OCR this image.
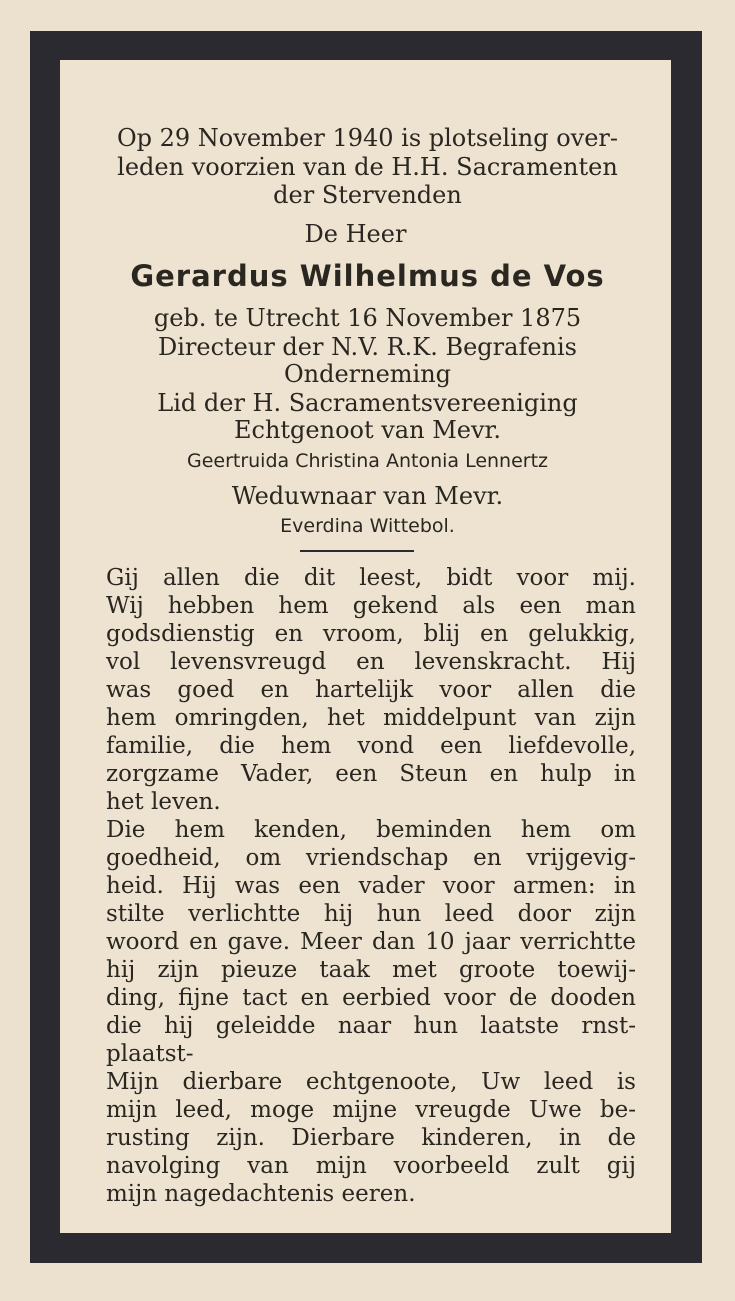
Op 29 November 1940 is plotseling over-
leden voorzien van de H.H. Sacramenten
der Stervenden
De Heer
Gerardus Wilhelmus de Vos
geb. te Utrecht 16 November 1875
Directeur der N.V. R.K. Begrafenis
Onderneming
Lid der H. Sacramentsvereeniging
Echtgenoot van Mevr.
Geertruida Christina Antonia Lennertz
Weduwnaar van Mevr.
Everdina Wittebol.
Gij allen die dit leest, bidt voor mij.
Wij hebben hem gekend als een man
godsdienstig en vroom, blij en gelukkig,
vol levensvreugd en levenskracht. Hij
was goed en hartelijk voor allen die
hem omringden, het middelpunt van zijn
familie, die hem vond een liefdevolle,
zorgzame Vader, een Steun en hulp in
het leven.
Die hem kenden, beminden hem om
goedheid, om vriendschap en vrijgevig-
heid. Hij was een vader voor armen: in
stilte verlichtte hij hun leed door zijn
woord en gave. Meer dan 10 jaar verrichtte
hij zijn pieuze taak met groote toewij-
ding, fijne tact en eerbied voor de dooden
die hij geleidde naar hun laatste rnst-
plaatst-
Mijn dierbare echtgenoote, Uw leed is
mijn leed, moge mijne vreugde Uwe be-
rusting zijn. Dierbare kinderen, in de
navolging van mijn voorbeeld zult gij
mijn nagedachtenis eeren.
